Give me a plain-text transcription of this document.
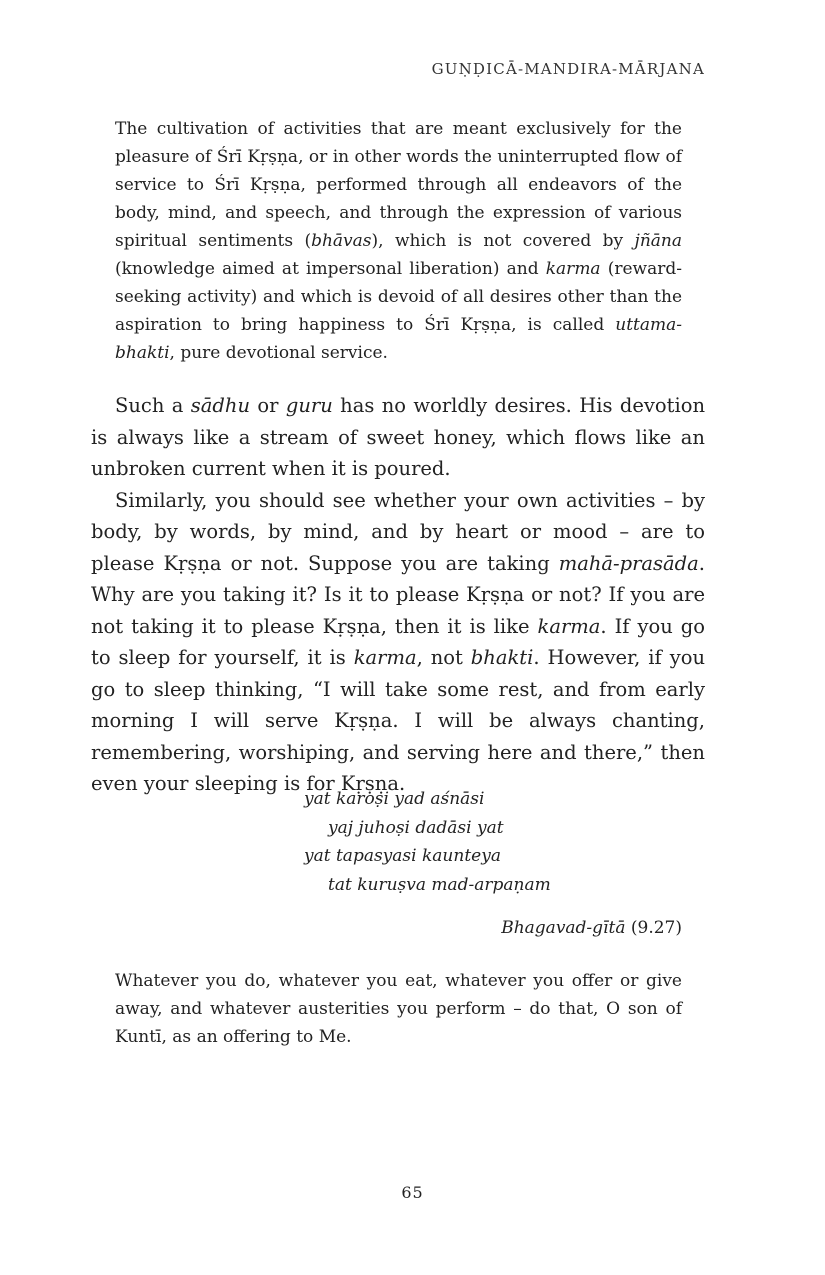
GUṆḌICĀ-MANDIRA-MĀRJANA
The cultivation of activities that are meant exclusively for the pleasure of Śrī Kṛṣṇa, or in other words the uninterrupted flow of service to Śrī Kṛṣṇa, performed through all endeavors of the body, mind, and speech, and through the expression of various spiritual sentiments (bhāvas), which is not covered by jñāna (knowledge aimed at impersonal liberation) and karma (reward-seeking activity) and which is devoid of all desires other than the aspiration to bring happiness to Śrī Kṛṣṇa, is called uttama-bhakti, pure devotional service.

Such a sādhu or guru has no worldly desires. His devotion is always like a stream of sweet honey, which flows like an unbroken current when it is poured.

Similarly, you should see whether your own activities – by body, by words, by mind, and by heart or mood – are to please Kṛṣṇa or not. Suppose you are taking mahā-prasāda. Why are you taking it? Is it to please Kṛṣṇa or not? If you are not taking it to please Kṛṣṇa, then it is like karma. If you go to sleep for yourself, it is karma, not bhakti. However, if you go to sleep thinking, “I will take some rest, and from early morning I will serve Kṛṣṇa. I will be always chanting, remembering, worshiping, and serving here and there,” then even your sleeping is for Kṛṣṇa.

yat karoṣi yad aśnāsi
yaj juhoṣi dadāsi yat
yat tapasyasi kaunteya
tat kuruṣva mad-arpaṇam
Bhagavad-gītā (9.27)
Whatever you do, whatever you eat, whatever you offer or give away, and whatever austerities you perform – do that, O son of Kuntī, as an offering to Me.
65
